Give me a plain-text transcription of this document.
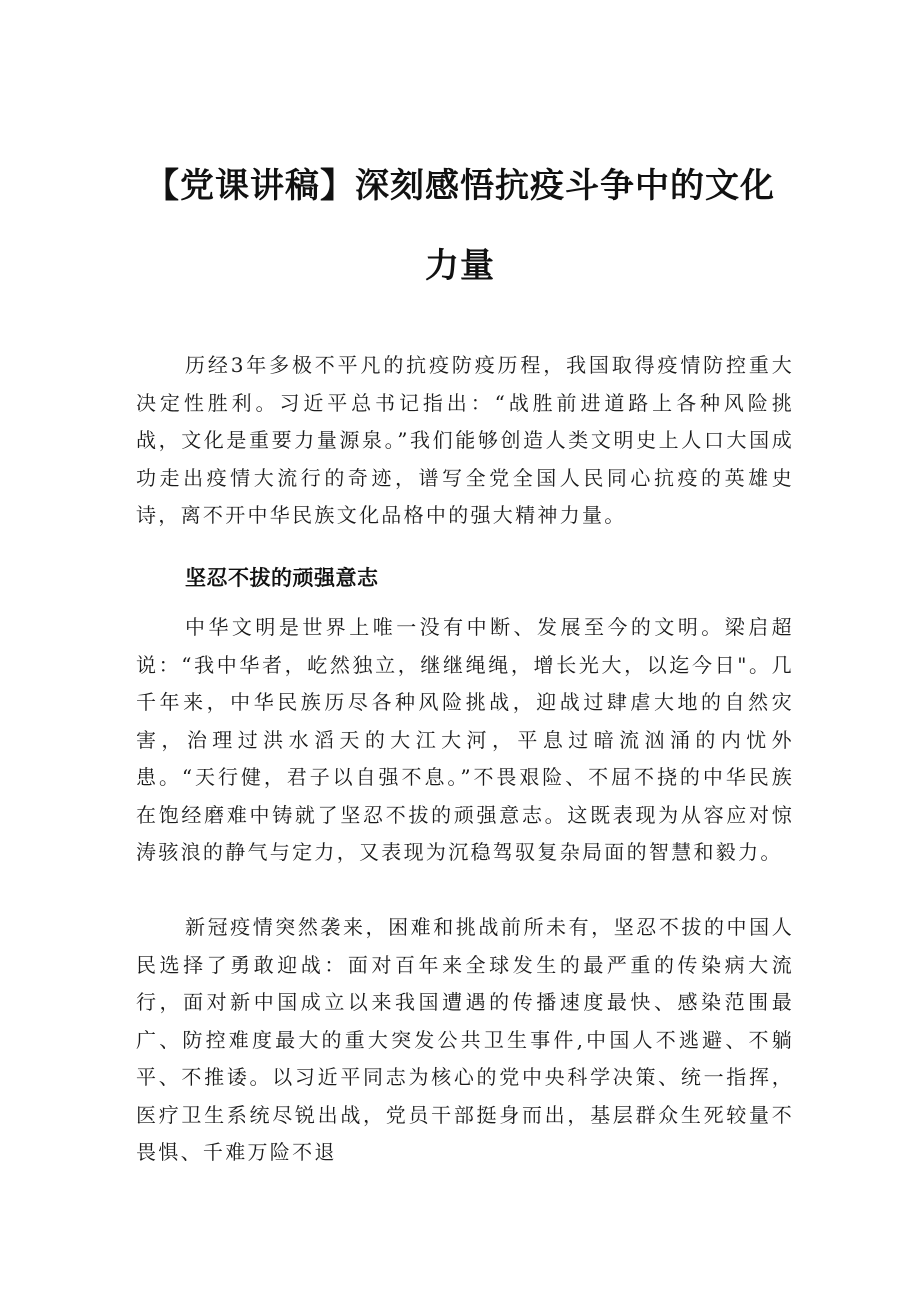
【党课讲稿】深刻感悟抗疫斗争中的文化
力量

历经3年多极不平凡的抗疫防疫历程，我国取得疫情防控重大决定性胜利。习近平总书记指出：“战胜前进道路上各种风险挑战，文化是重要力量源泉。”我们能够创造人类文明史上人口大国成功走出疫情大流行的奇迹，谱写全党全国人民同心抗疫的英雄史诗，离不开中华民族文化品格中的强大精神力量。

坚忍不拔的顽强意志

中华文明是世界上唯一没有中断、发展至今的文明。梁启超说：“我中华者，屹然独立，继继绳绳，增长光大，以迄今日"。几千年来，中华民族历尽各种风险挑战，迎战过肆虐大地的自然灾害，治理过洪水滔天的大江大河，平息过暗流汹涌的内忧外患。“天行健，君子以自强不息。”不畏艰险、不屈不挠的中华民族在饱经磨难中铸就了坚忍不拔的顽强意志。这既表现为从容应对惊涛骇浪的静气与定力，又表现为沉稳驾驭复杂局面的智慧和毅力。

新冠疫情突然袭来，困难和挑战前所未有，坚忍不拔的中国人民选择了勇敢迎战：面对百年来全球发生的最严重的传染病大流行，面对新中国成立以来我国遭遇的传播速度最快、感染范围最广、防控难度最大的重大突发公共卫生事件,中国人不逃避、不躺平、不推诿。以习近平同志为核心的党中央科学决策、统一指挥，医疗卫生系统尽锐出战，党员干部挺身而出，基层群众生死较量不畏惧、千难万险不退
